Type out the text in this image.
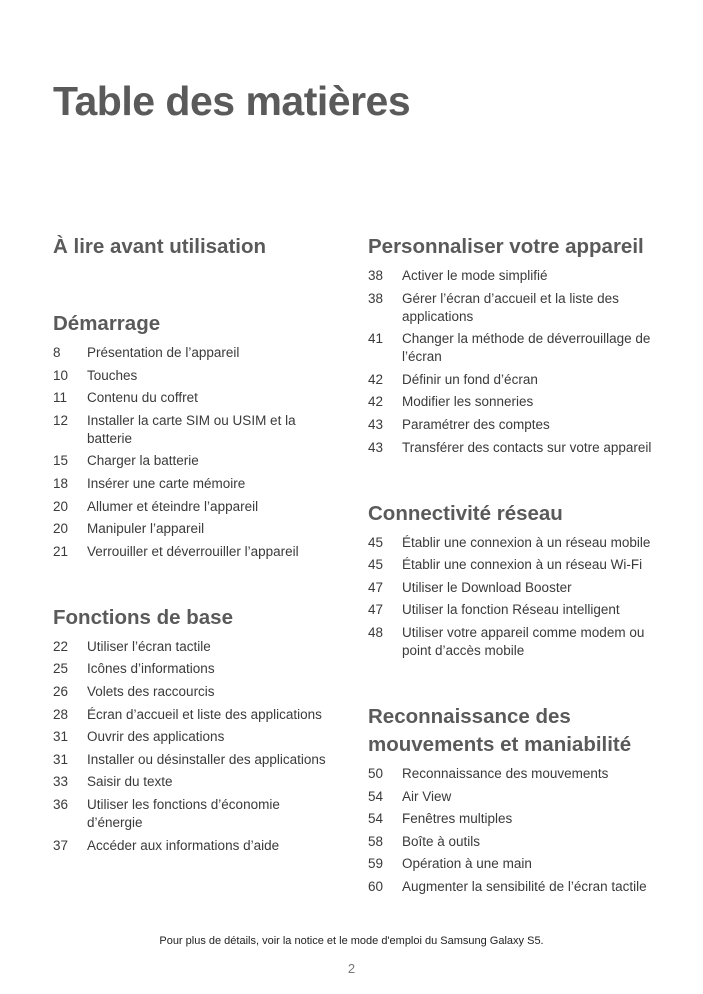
Table des matières
À lire avant utilisation
Démarrage
8	Présentation de l’appareil
10	Touches
11	Contenu du coffret
12	Installer la carte SIM ou USIM et la batterie
15	Charger la batterie
18	Insérer une carte mémoire
20	Allumer et éteindre l’appareil
20	Manipuler l’appareil
21	Verrouiller et déverrouiller l’appareil
Fonctions de base
22	Utiliser l’écran tactile
25	Icônes d’informations
26	Volets des raccourcis
28	Écran d’accueil et liste des applications
31	Ouvrir des applications
31	Installer ou désinstaller des applications
33	Saisir du texte
36	Utiliser les fonctions d’économie d’énergie
37	Accéder aux informations d’aide
Personnaliser votre appareil
38	Activer le mode simplifié
38	Gérer l’écran d’accueil et la liste des applications
41	Changer la méthode de déverrouillage de l’écran
42	Définir un fond d’écran
42	Modifier les sonneries
43	Paramétrer des comptes
43	Transférer des contacts sur votre appareil
Connectivité réseau
45	Établir une connexion à un réseau mobile
45	Établir une connexion à un réseau Wi-Fi
47	Utiliser le Download Booster
47	Utiliser la fonction Réseau intelligent
48	Utiliser votre appareil comme modem ou point d’accès mobile
Reconnaissance des mouvements et maniabilité
50	Reconnaissance des mouvements
54	Air View
54	Fenêtres multiples
58	Boîte à outils
59	Opération à une main
60	Augmenter la sensibilité de l’écran tactile
Pour plus de détails, voir la notice et le mode d'emploi du Samsung Galaxy S5.
2
